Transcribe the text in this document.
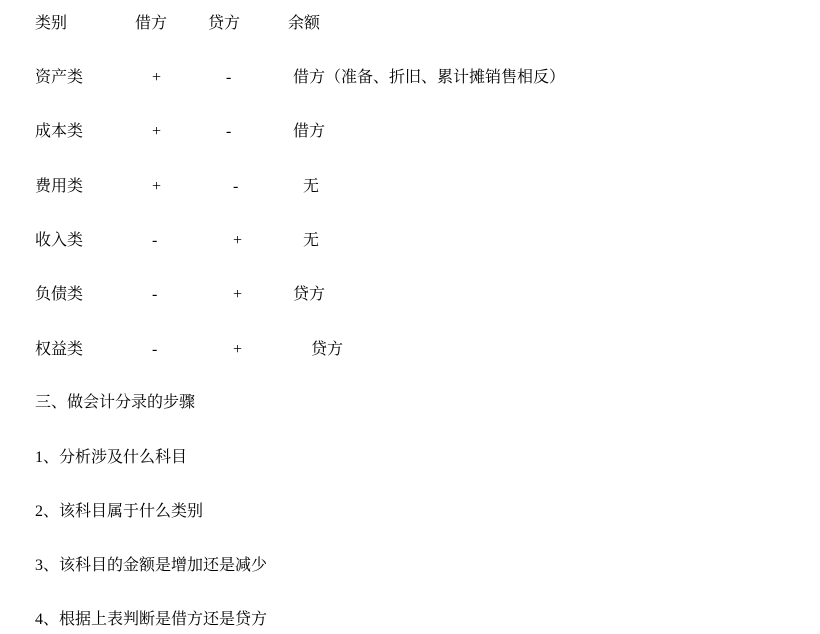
类别	借方	贷方	余额
资产类	+	-	借方（准备、折旧、累计摊销售相反）
成本类	+	-	借方
费用类	+	-	无
收入类	-	+	无
负债类	-	+	贷方
权益类	-	+	贷方
三、做会计分录的步骤
1、分析涉及什么科目
2、该科目属于什么类别
3、该科目的金额是增加还是减少
4、根据上表判断是借方还是贷方
